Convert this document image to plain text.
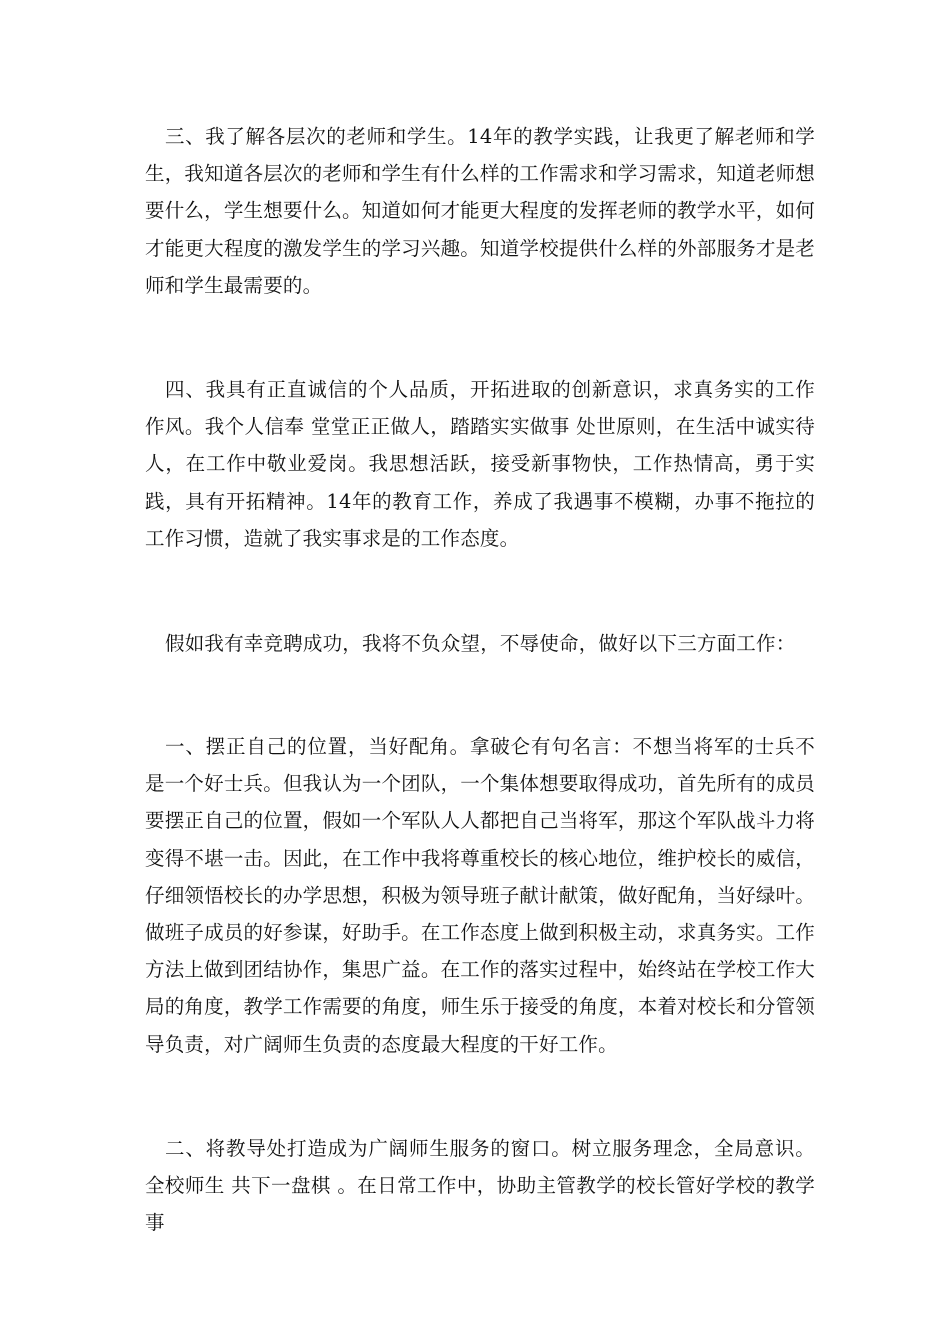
三、我了解各层次的老师和学生。14年的教学实践，让我更了解老师和学生，我知道各层次的老师和学生有什么样的工作需求和学习需求，知道老师想要什么，学生想要什么。知道如何才能更大程度的发挥老师的教学水平，如何才能更大程度的激发学生的学习兴趣。知道学校提供什么样的外部服务才是老师和学生最需要的。

四、我具有正直诚信的个人品质，开拓进取的创新意识，求真务实的工作作风。我个人信奉 堂堂正正做人，踏踏实实做事 处世原则，在生活中诚实待人，在工作中敬业爱岗。我思想活跃，接受新事物快，工作热情高，勇于实践，具有开拓精神。14年的教育工作，养成了我遇事不模糊，办事不拖拉的工作习惯，造就了我实事求是的工作态度。

假如我有幸竞聘成功，我将不负众望，不辱使命，做好以下三方面工作：

一、摆正自己的位置，当好配角。拿破仑有句名言：不想当将军的士兵不是一个好士兵。但我认为一个团队，一个集体想要取得成功，首先所有的成员要摆正自己的位置，假如一个军队人人都把自己当将军，那这个军队战斗力将变得不堪一击。因此，在工作中我将尊重校长的核心地位，维护校长的威信，仔细领悟校长的办学思想，积极为领导班子献计献策，做好配角，当好绿叶。做班子成员的好参谋，好助手。在工作态度上做到积极主动，求真务实。工作方法上做到团结协作，集思广益。在工作的落实过程中，始终站在学校工作大局的角度，教学工作需要的角度，师生乐于接受的角度，本着对校长和分管领导负责，对广阔师生负责的态度最大程度的干好工作。

二、将教导处打造成为广阔师生服务的窗口。树立服务理念，全局意识。全校师生 共下一盘棋 。在日常工作中，协助主管教学的校长管好学校的教学事
